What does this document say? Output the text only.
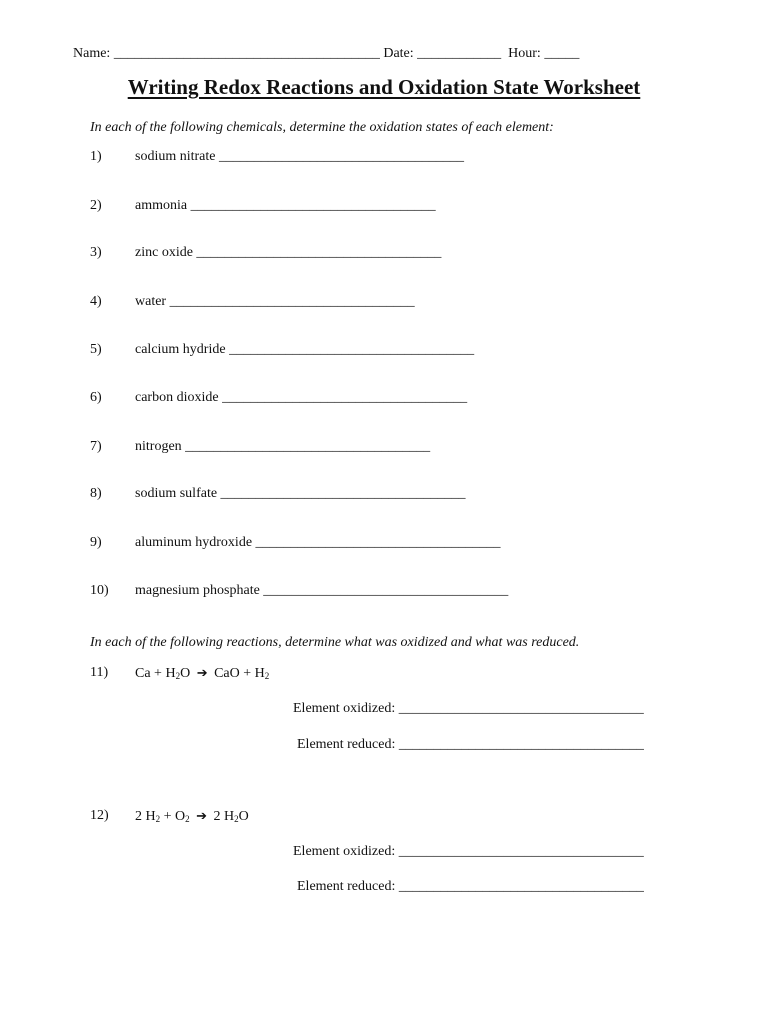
Name: ______________________________________ Date: ____________ Hour: _____
Writing Redox Reactions and Oxidation State Worksheet
In each of the following chemicals, determine the oxidation states of each element:
1) sodium nitrate ___________________________________
2) ammonia ___________________________________
3) zinc oxide ___________________________________
4) water ___________________________________
5) calcium hydride ___________________________________
6) carbon dioxide ___________________________________
7) nitrogen ___________________________________
8) sodium sulfate ___________________________________
9) aluminum hydroxide ___________________________________
10) magnesium phosphate ___________________________________
In each of the following reactions, determine what was oxidized and what was reduced.
11) $Ca + H_2O$ ➔ CaO + $H_2$
Element oxidized: ___________________________________
Element reduced: ___________________________________
12) 2 $H_2 + O_2$ ➔ 2 $H_2O$
Element oxidized: ___________________________________
Element reduced: ___________________________________
